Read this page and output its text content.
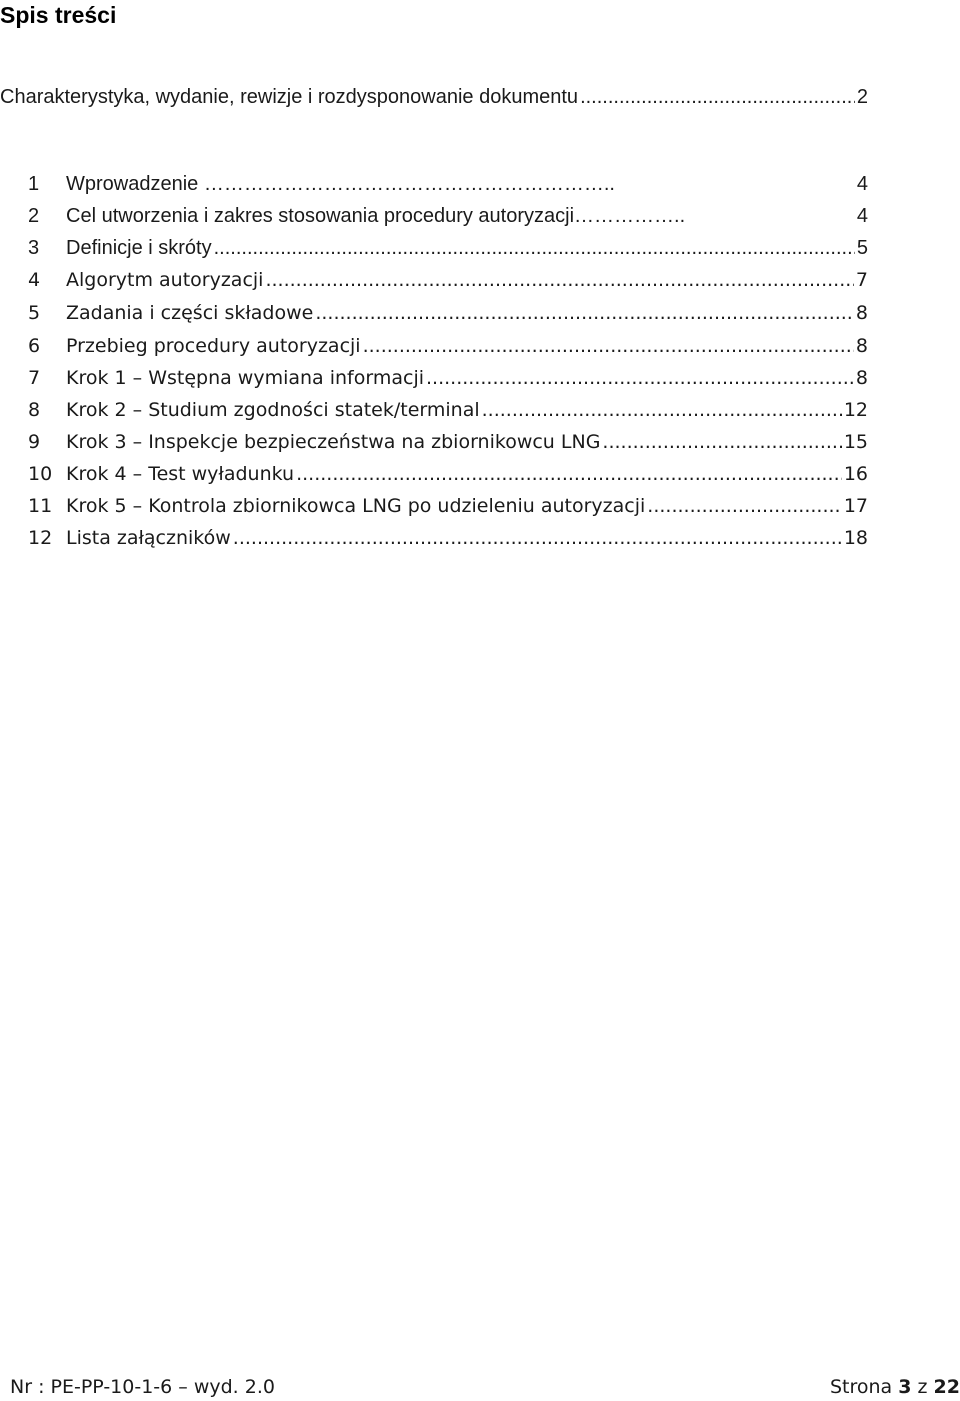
Spis treści
Charakterystyka, wydanie, rewizje i rozdysponowanie dokumentu .....	2
1	Wprowadzenie ……………………………………………………..	4
2	Cel utworzenia i zakres stosowania procedury autoryzacji……………..	4
3	Definicje i skróty .....	5
4	Algorytm autoryzacji .....	7
5	Zadania i części składowe .....	8
6	Przebieg procedury autoryzacji .....	8
7	Krok 1 – Wstępna wymiana informacji .....	8
8	Krok 2 – Studium zgodności statek/terminal .....	12
9	Krok 3 – Inspekcje bezpieczeństwa na zbiornikowcu LNG .....	15
10 Krok 4 – Test wyładunku .....	16
11 Krok 5 – Kontrola zbiornikowca LNG po udzieleniu autoryzacji .....	17
12 Lista załączników .....	18
Nr : PE-PP-10-1-6 – wyd. 2.0	Strona 3 z 22
